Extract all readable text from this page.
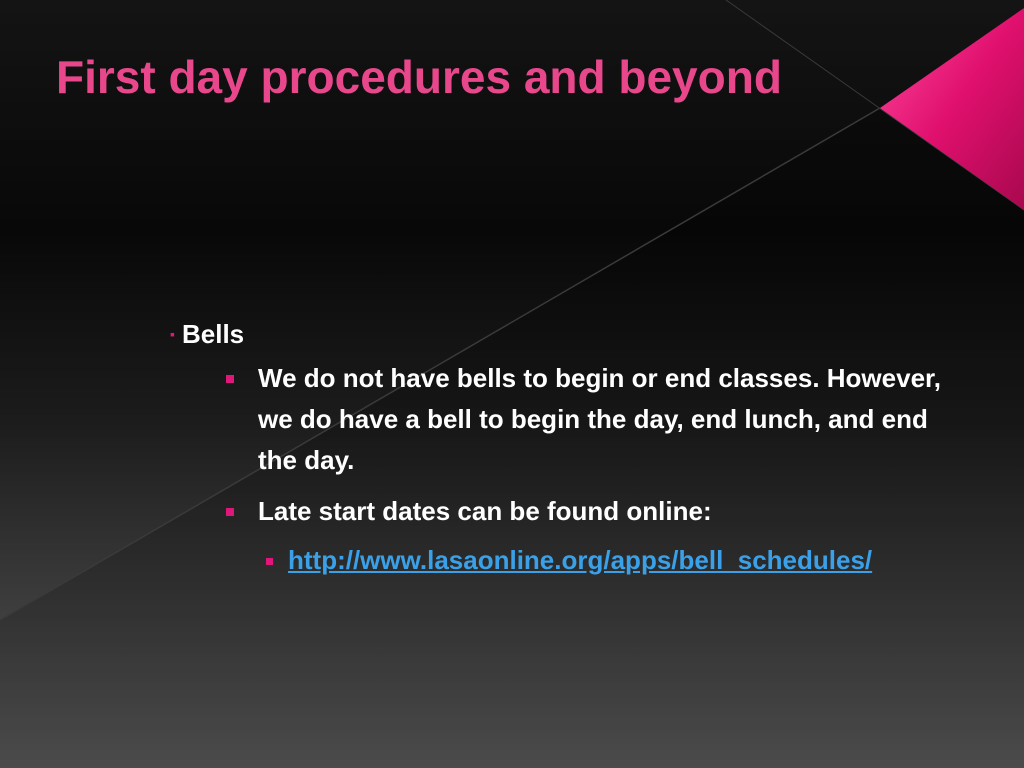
First day procedures and beyond
▪ Bells
We do not have bells to begin or end classes. However, we do have a bell to begin the day, end lunch, and end the day.
Late start dates can be found online:
http://www.lasaonline.org/apps/bell_schedules/
